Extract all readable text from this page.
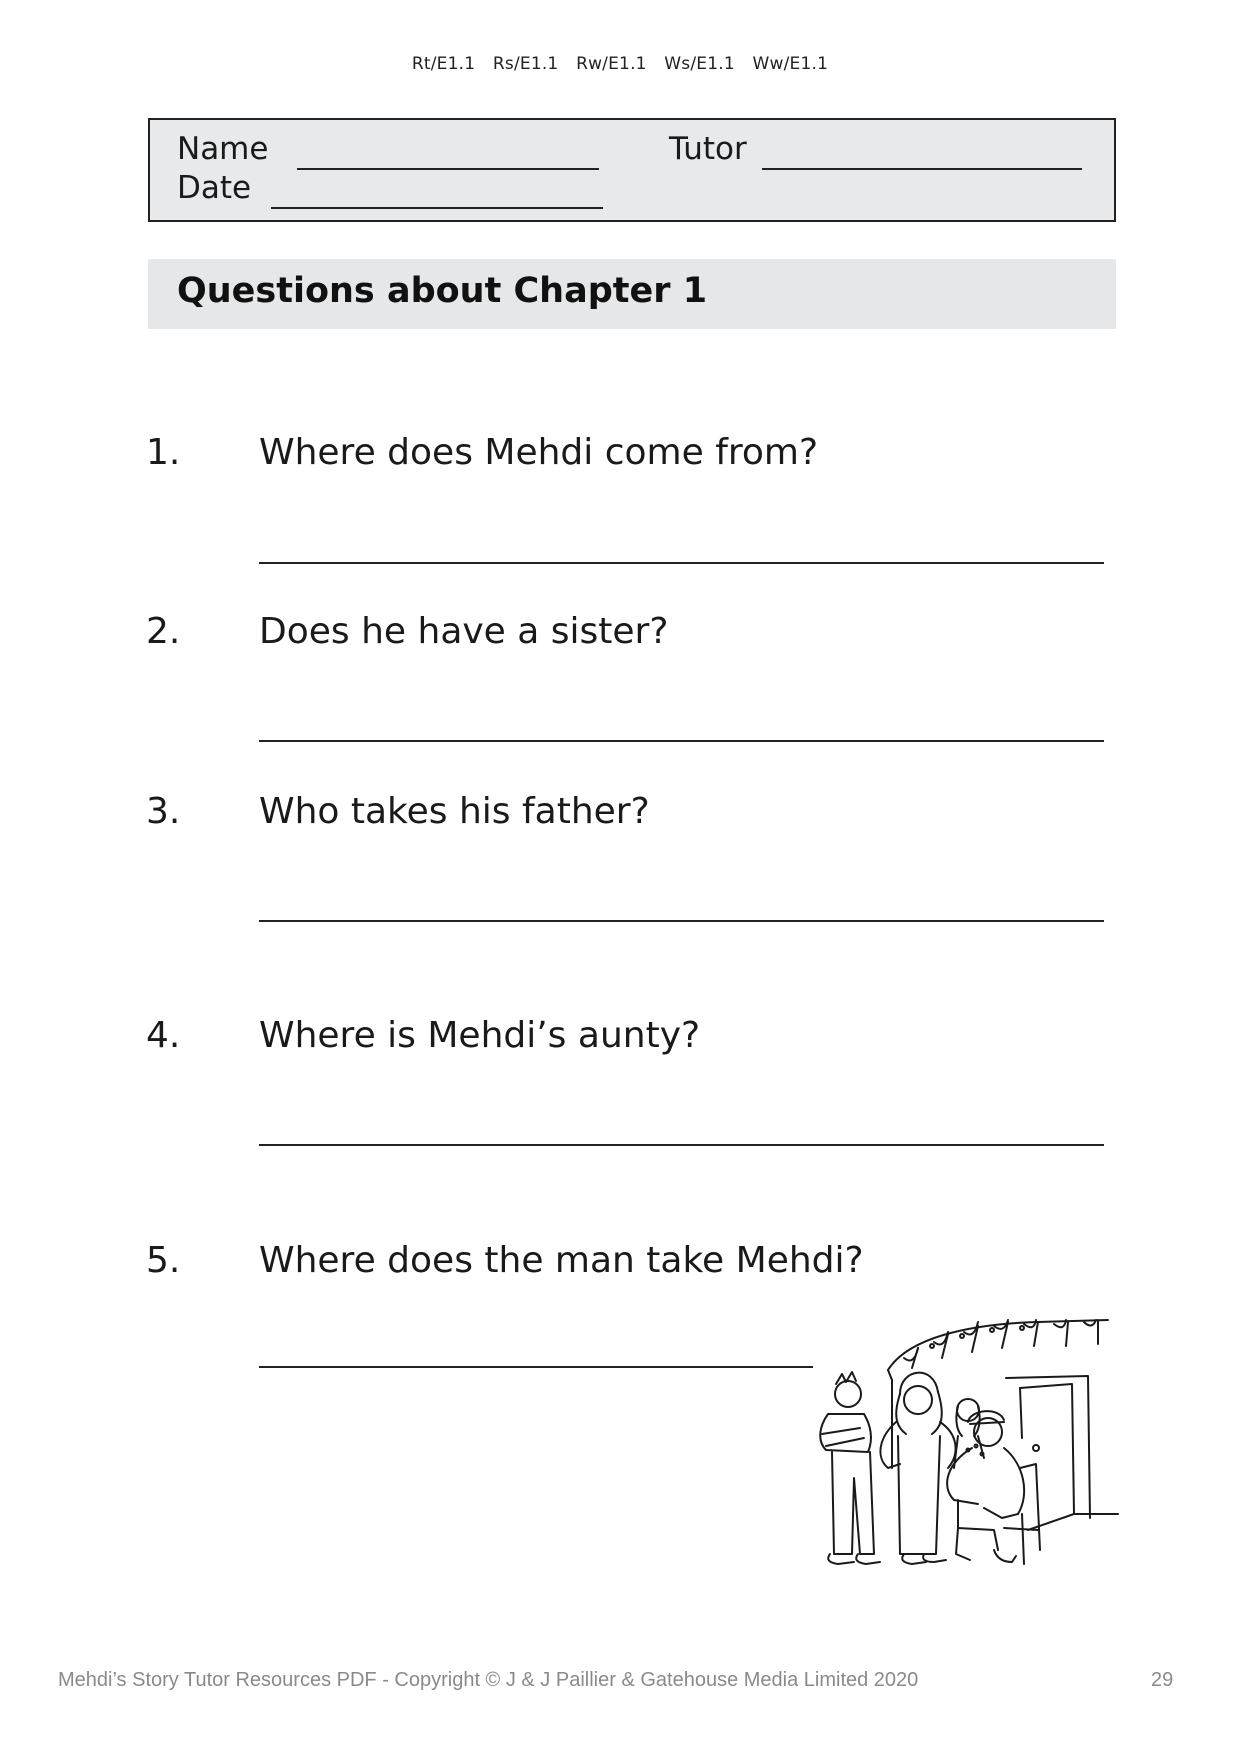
Rt/E1.1 Rs/E1.1 Rw/E1.1 Ws/E1.1 Ww/E1.1
Name
Date
Tutor
Questions about Chapter 1
1. Where does Mehdi come from?
2. Does he have a sister?
3. Who takes his father?
4. Where is Mehdi’s aunty?
5. Where does the man take Mehdi?
Mehdi’s Story Tutor Resources PDF - Copyright © J & J Paillier & Gatehouse Media Limited 2020	29
